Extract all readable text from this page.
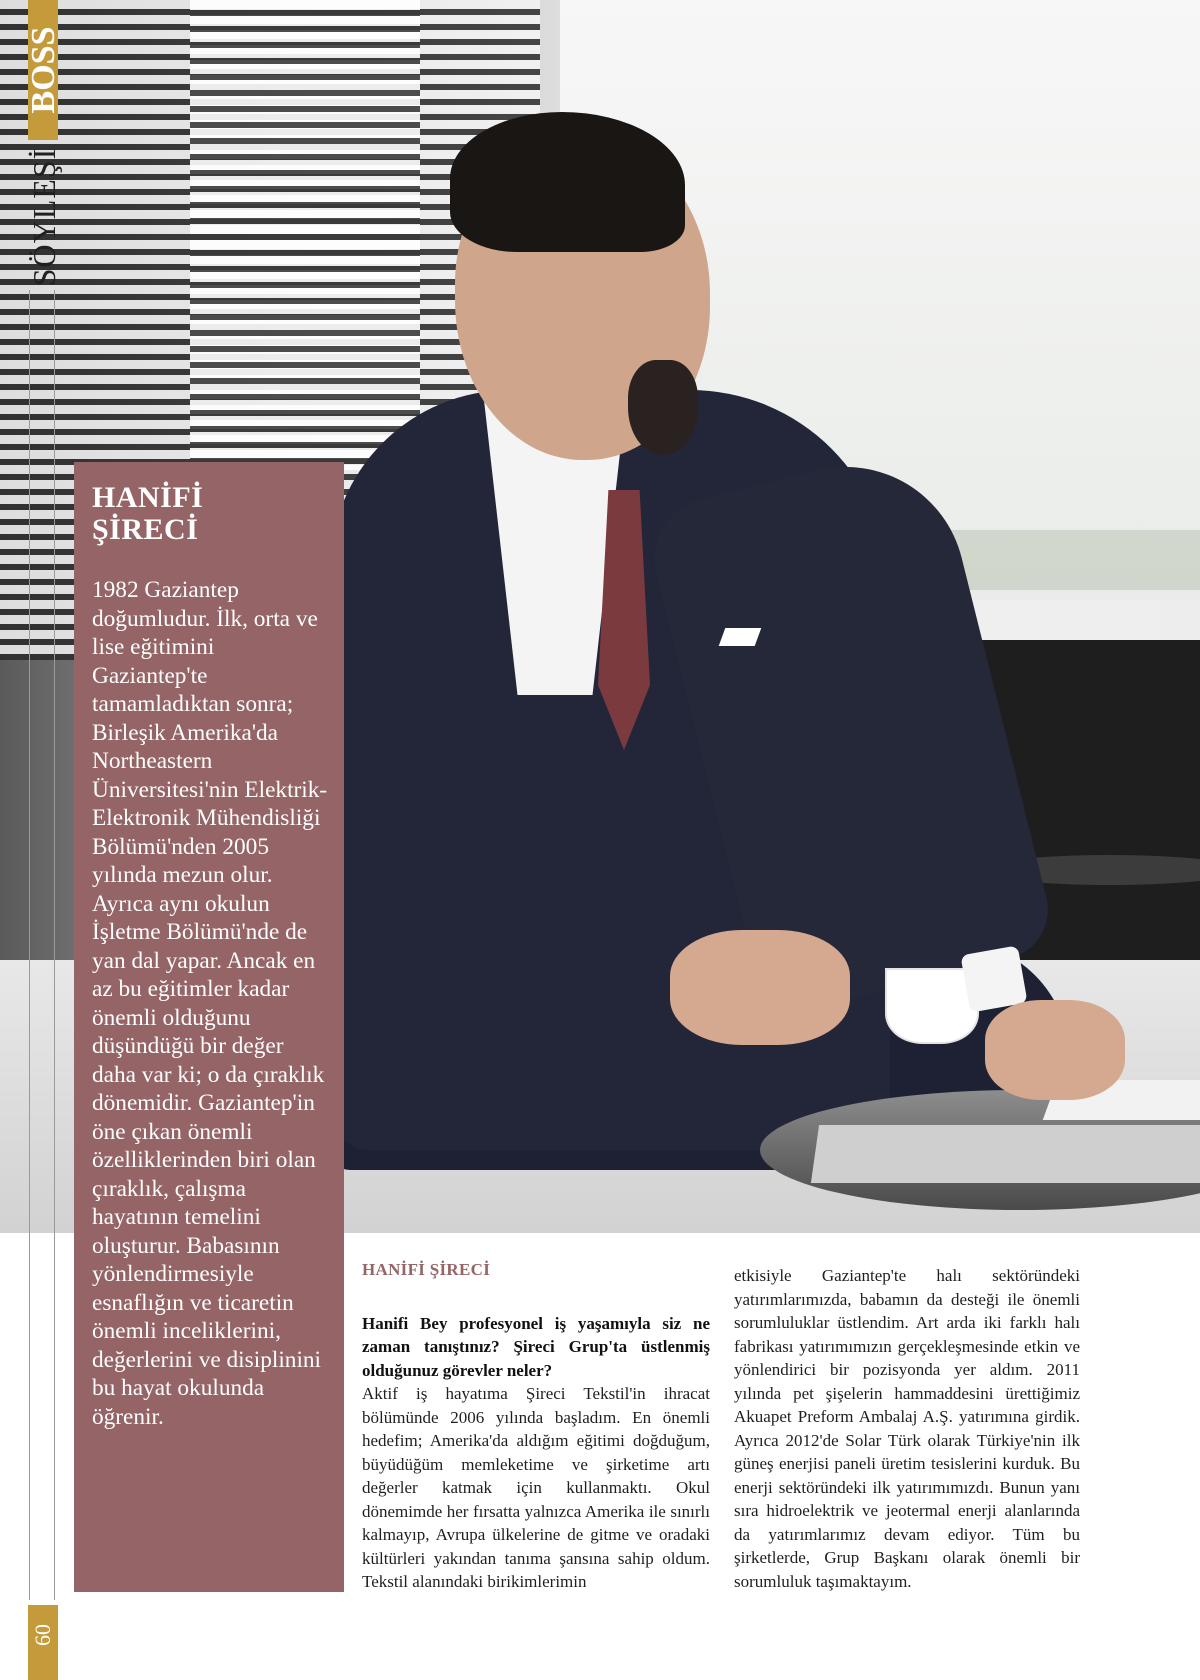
BOSS
SÖYLEŞİ
60

HANİFİ
ŞİRECİ

1982 Gaziantep doğumludur. İlk, orta ve lise eğitimini Gaziantep'te tamamladıktan sonra; Birleşik Amerika'da Northeastern Üniversitesi'nin Elektrik-Elektronik Mühendisliği Bölümü'nden 2005 yılında mezun olur. Ayrıca aynı okulun İşletme Bölümü'nde de yan dal yapar. Ancak en az bu eğitimler kadar önemli olduğunu düşündüğü bir değer daha var ki; o da çıraklık dönemidir. Gaziantep'in öne çıkan önemli özelliklerinden biri olan çıraklık, çalışma hayatının temelini oluşturur. Babasının yönlendirmesiyle esnaflığın ve ticaretin önemli inceliklerini, değerlerini ve disiplinini bu hayat okulunda öğrenir.

HANİFİ ŞİRECİ

Hanifi Bey profesyonel iş yaşamıyla siz ne zaman tanıştınız? Şireci Grup'ta üstlenmiş olduğunuz görevler neler?

Aktif iş hayatıma Şireci Tekstil'in ihracat bölümünde 2006 yılında başladım. En önemli hedefim; Amerika'da aldığım eğitimi doğduğum, büyüdüğüm memleketime ve şirketime artı değerler katmak için kullanmaktı. Okul dönemimde her fırsatta yalnızca Amerika ile sınırlı kalmayıp, Avrupa ülkelerine de gitme ve oradaki kültürleri yakından tanıma şansına sahip oldum. Tekstil alanındaki birikimlerimin

etkisiyle Gaziantep'te halı sektöründeki yatırımlarımızda, babamın da desteği ile önemli sorumluluklar üstlendim. Art arda iki farklı halı fabrikası yatırımımızın gerçekleşmesinde etkin ve yönlendirici bir pozisyonda yer aldım. 2011 yılında pet şişelerin hammaddesini ürettiğimiz Akuapet Preform Ambalaj A.Ş. yatırımına girdik. Ayrıca 2012'de Solar Türk olarak Türkiye'nin ilk güneş enerjisi paneli üretim tesislerini kurduk. Bu enerji sektöründeki ilk yatırımımızdı. Bunun yanı sıra hidroelektrik ve jeotermal enerji alanlarında da yatırımlarımız devam ediyor. Tüm bu şirketlerde, Grup Başkanı olarak önemli bir sorumluluk taşımaktayım.
